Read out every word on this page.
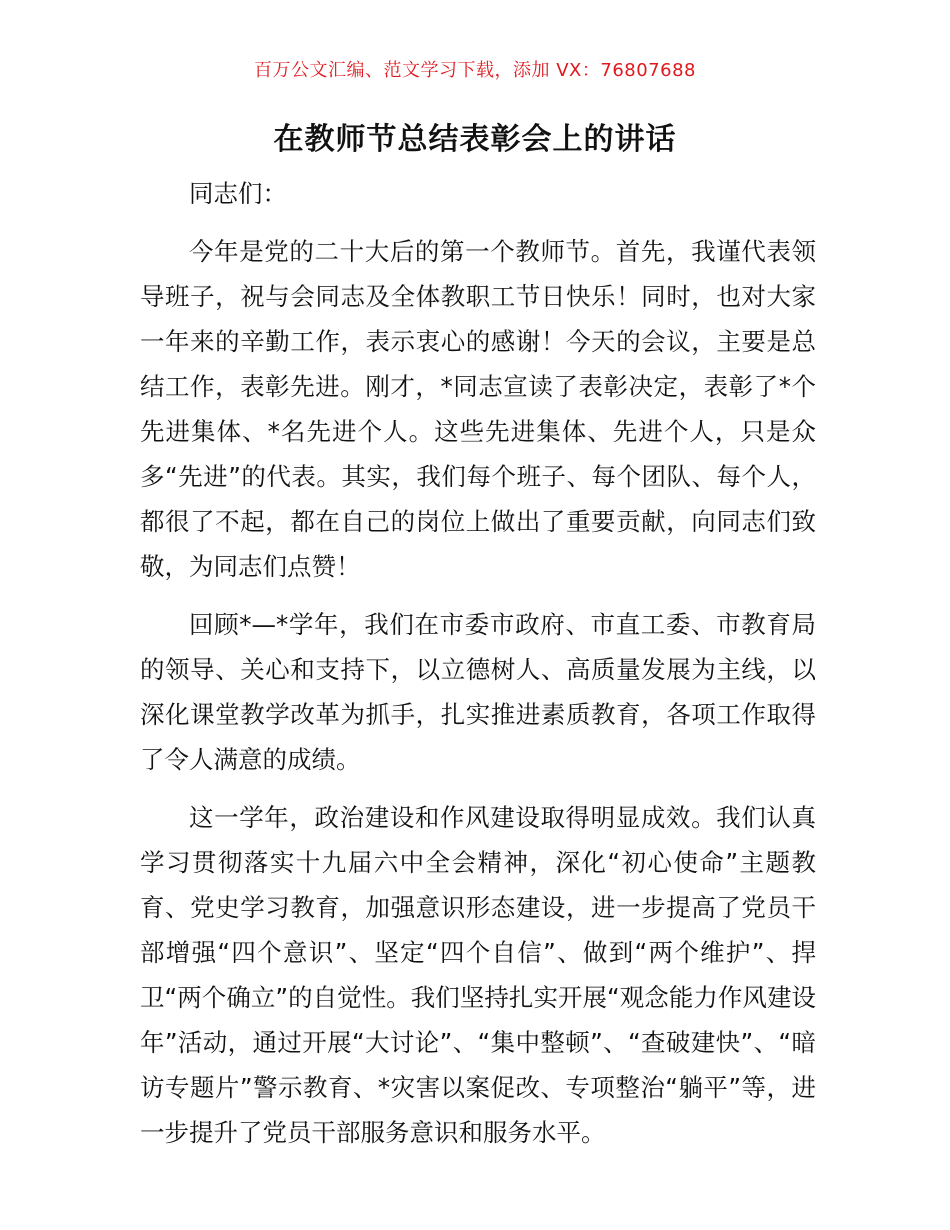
百万公文汇编、范文学习下载，添加 VX：76807688
在教师节总结表彰会上的讲话

同志们：

今年是党的二十大后的第一个教师节。首先，我谨代表领导班子，祝与会同志及全体教职工节日快乐！同时，也对大家一年来的辛勤工作，表示衷心的感谢！今天的会议，主要是总结工作，表彰先进。刚才，*同志宣读了表彰决定，表彰了*个先进集体、*名先进个人。这些先进集体、先进个人，只是众多“先进”的代表。其实，我们每个班子、每个团队、每个人，都很了不起，都在自己的岗位上做出了重要贡献，向同志们致敬，为同志们点赞！

回顾*—*学年，我们在市委市政府、市直工委、市教育局的领导、关心和支持下，以立德树人、高质量发展为主线，以深化课堂教学改革为抓手，扎实推进素质教育，各项工作取得了令人满意的成绩。

这一学年，政治建设和作风建设取得明显成效。我们认真学习贯彻落实十九届六中全会精神，深化“初心使命”主题教育、党史学习教育，加强意识形态建设，进一步提高了党员干部增强“四个意识”、坚定“四个自信”、做到“两个维护”、捍卫“两个确立”的自觉性。我们坚持扎实开展“观念能力作风建设年”活动，通过开展“大讨论”、“集中整顿”、“查破建快”、“暗访专题片”警示教育、*灾害以案促改、专项整治“躺平”等，进一步提升了党员干部服务意识和服务水平。
